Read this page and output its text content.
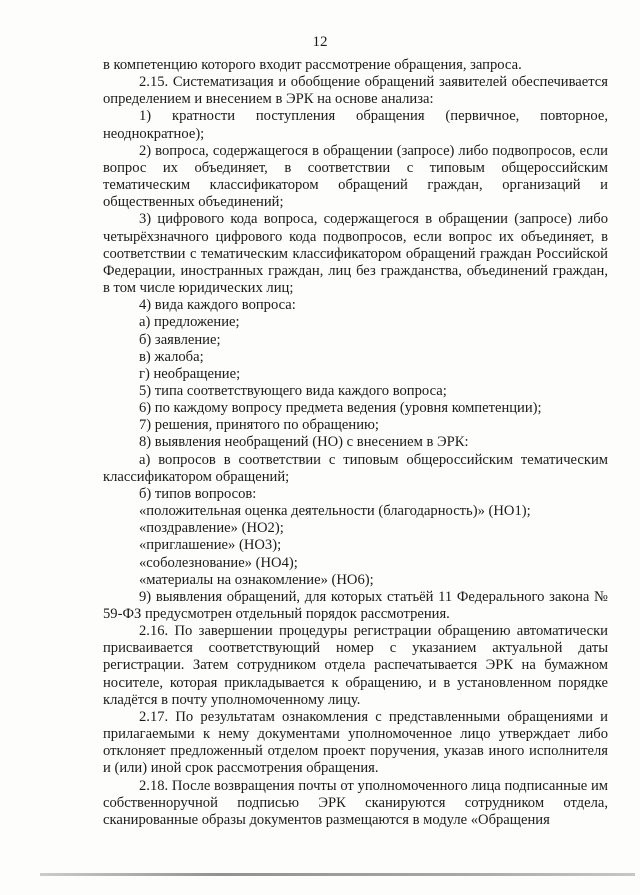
12

в компетенцию которого входит рассмотрение обращения, запроса.

2.15. Систематизация и обобщение обращений заявителей обеспечивается определением и внесением в ЭРК на основе анализа:

1) кратности поступления обращения (первичное, повторное, неоднократное);

2) вопроса, содержащегося в обращении (запросе) либо подвопросов, если вопрос их объединяет, в соответствии с типовым общероссийским тематическим классификатором обращений граждан, организаций и общественных объединений;

3) цифрового кода вопроса, содержащегося в обращении (запросе) либо четырёхзначного цифрового кода подвопросов, если вопрос их объединяет, в соответствии с тематическим классификатором обращений граждан Российской Федерации, иностранных граждан, лиц без гражданства, объединений граждан, в том числе юридических лиц;

4) вида каждого вопроса:

а) предложение;

б) заявление;

в) жалоба;

г) необращение;

5) типа соответствующего вида каждого вопроса;

6) по каждому вопросу предмета ведения (уровня компетенции);

7) решения, принятого по обращению;

8) выявления необращений (НО) с внесением в ЭРК:

а) вопросов в соответствии с типовым общероссийским тематическим классификатором обращений;

б) типов вопросов:

«положительная оценка деятельности (благодарность)» (НО1);

«поздравление» (НО2);

«приглашение» (НО3);

«соболезнование» (НО4);

«материалы на ознакомление» (НО6);

9) выявления обращений, для которых статьёй 11 Федерального закона № 59-ФЗ предусмотрен отдельный порядок рассмотрения.

2.16. По завершении процедуры регистрации обращению автоматически присваивается соответствующий номер с указанием актуальной даты регистрации. Затем сотрудником отдела распечатывается ЭРК на бумажном носителе, которая прикладывается к обращению, и в установленном порядке кладётся в почту уполномоченному лицу.

2.17. По результатам ознакомления с представленными обращениями и прилагаемыми к нему документами уполномоченное лицо утверждает либо отклоняет предложенный отделом проект поручения, указав иного исполнителя и (или) иной срок рассмотрения обращения.

2.18. После возвращения почты от уполномоченного лица подписанные им собственноручной подписью ЭРК сканируются сотрудником отдела, сканированные образы документов размещаются в модуле «Обращения
